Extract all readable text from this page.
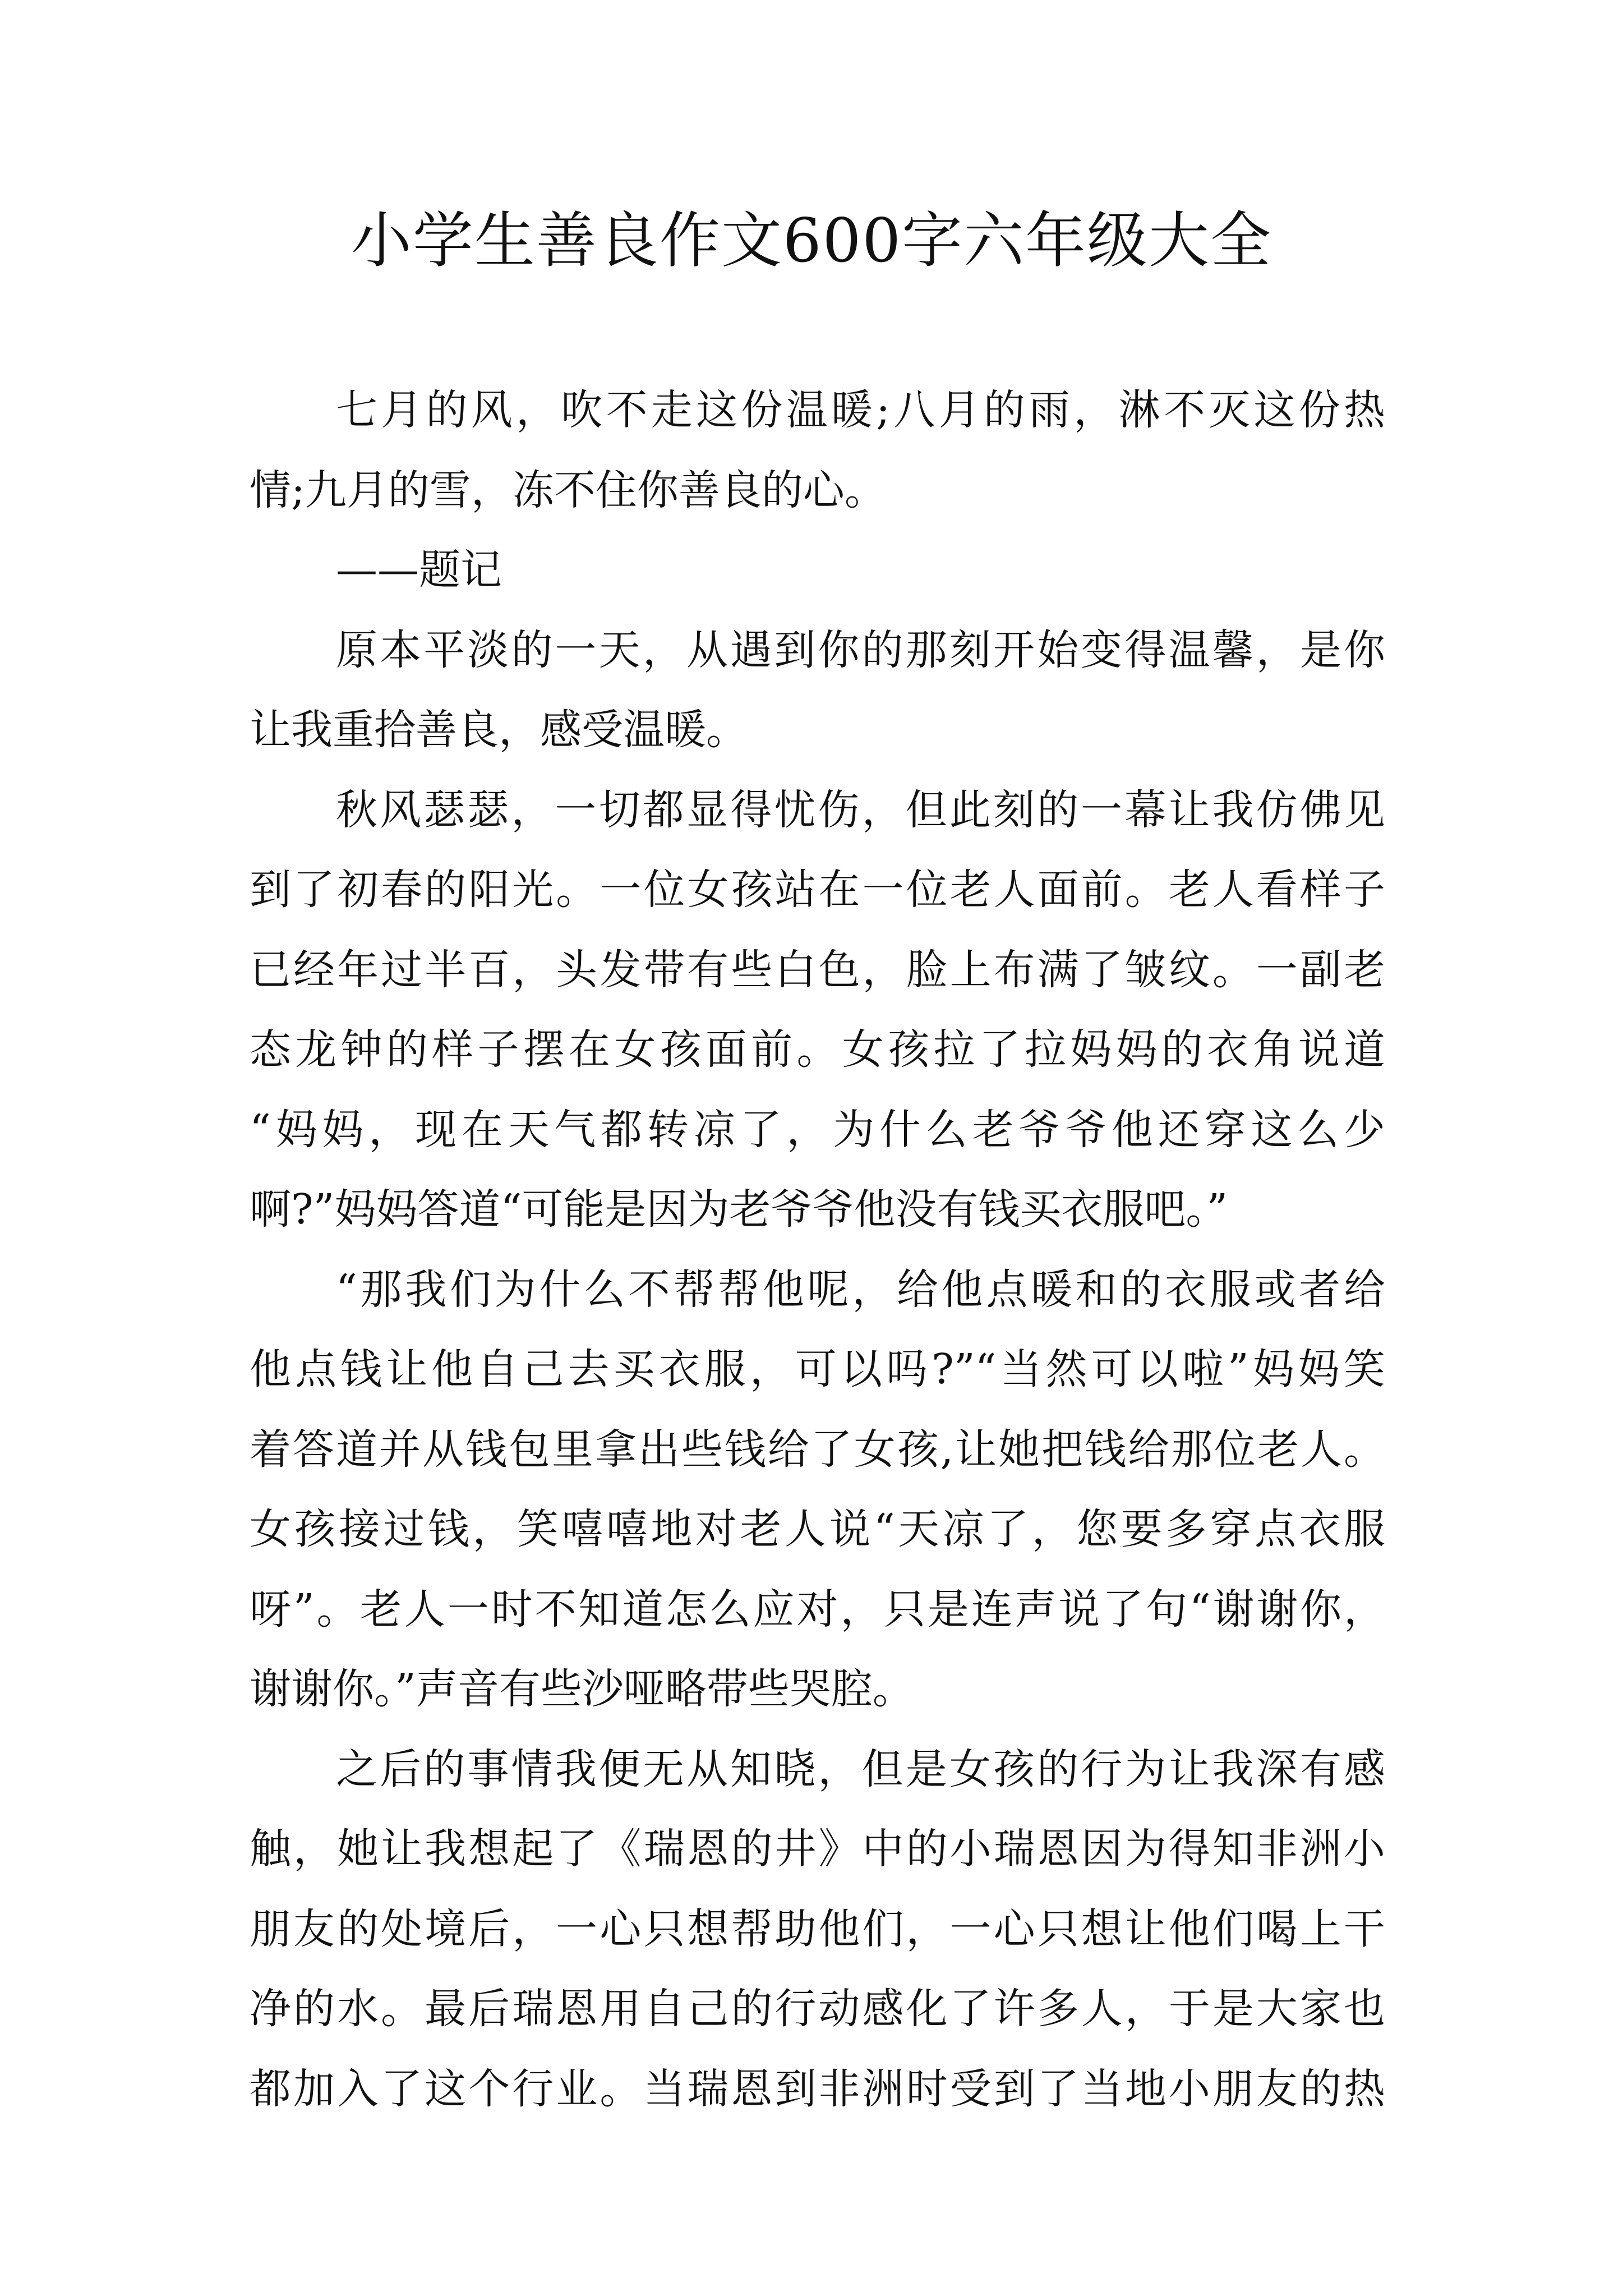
小学生善良作文600字六年级大全
七月的风，吹不走这份温暖;八月的雨，淋不灭这份热
情;九月的雪，冻不住你善良的心。
——题记
原本平淡的一天，从遇到你的那刻开始变得温馨，是你
让我重拾善良，感受温暖。
秋风瑟瑟，一切都显得忧伤，但此刻的一幕让我仿佛见
到了初春的阳光。一位女孩站在一位老人面前。老人看样子
已经年过半百，头发带有些白色，脸上布满了皱纹。一副老
态龙钟的样子摆在女孩面前。女孩拉了拉妈妈的衣角说道
“妈妈，现在天气都转凉了，为什么老爷爷他还穿这么少
啊?”妈妈答道“可能是因为老爷爷他没有钱买衣服吧。”
“那我们为什么不帮帮他呢，给他点暖和的衣服或者给
他点钱让他自己去买衣服，可以吗?”“当然可以啦”妈妈笑
着答道并从钱包里拿出些钱给了女孩,让她把钱给那位老人。
女孩接过钱，笑嘻嘻地对老人说“天凉了，您要多穿点衣服
呀”。老人一时不知道怎么应对，只是连声说了句“谢谢你，
谢谢你。”声音有些沙哑略带些哭腔。
之后的事情我便无从知晓，但是女孩的行为让我深有感
触，她让我想起了《瑞恩的井》中的小瑞恩因为得知非洲小
朋友的处境后，一心只想帮助他们，一心只想让他们喝上干
净的水。最后瑞恩用自己的行动感化了许多人，于是大家也
都加入了这个行业。当瑞恩到非洲时受到了当地小朋友的热
